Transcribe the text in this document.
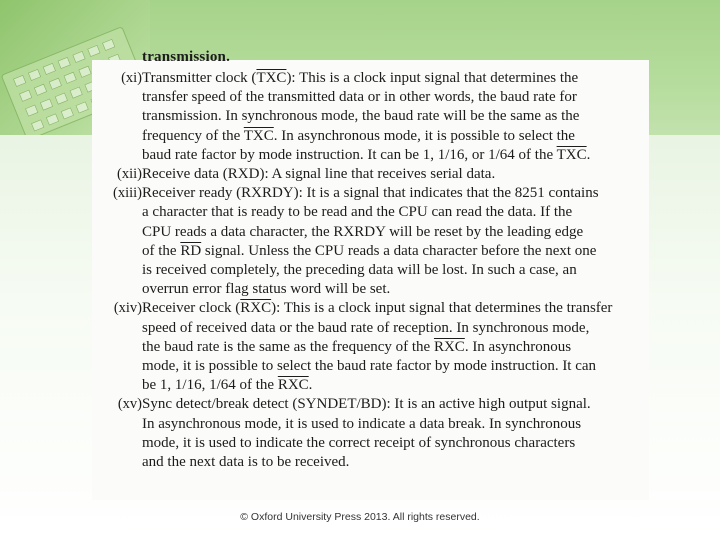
transmission.
(xi) Transmitter clock $(\overline{TXC})$: This is a clock input signal that determines the
transfer speed of the transmitted data or in other words, the baud rate for
transmission. In synchronous mode, the baud rate will be the same as the
frequency of the $\overline{TXC}$. In asynchronous mode, it is possible to select the
baud rate factor by mode instruction. It can be 1, 1/16, or 1/64 of the $\overline{TXC}$.
(xii) Receive data (RXD): A signal line that receives serial data.
(xiii) Receiver ready (RXRDY): It is a signal that indicates that the 8251 contains
a character that is ready to be read and the CPU can read the data. If the
CPU reads a data character, the RXRDY will be reset by the leading edge
of the $\overline{RD}$ signal. Unless the CPU reads a data character before the next one
is received completely, the preceding data will be lost. In such a case, an
overrun error flag status word will be set.
(xiv) Receiver clock $(\overline{RXC})$: This is a clock input signal that determines the transfer
speed of received data or the baud rate of reception. In synchronous mode,
the baud rate is the same as the frequency of the $\overline{RXC}$. In asynchronous
mode, it is possible to select the baud rate factor by mode instruction. It can
be 1, 1/16, 1/64 of the $\overline{RXC}$.
(xv) Sync detect/break detect (SYNDET/BD): It is an active high output signal.
In asynchronous mode, it is used to indicate a data break. In synchronous
mode, it is used to indicate the correct receipt of synchronous characters
and the next data is to be received.
© Oxford University Press 2013. All rights reserved.
